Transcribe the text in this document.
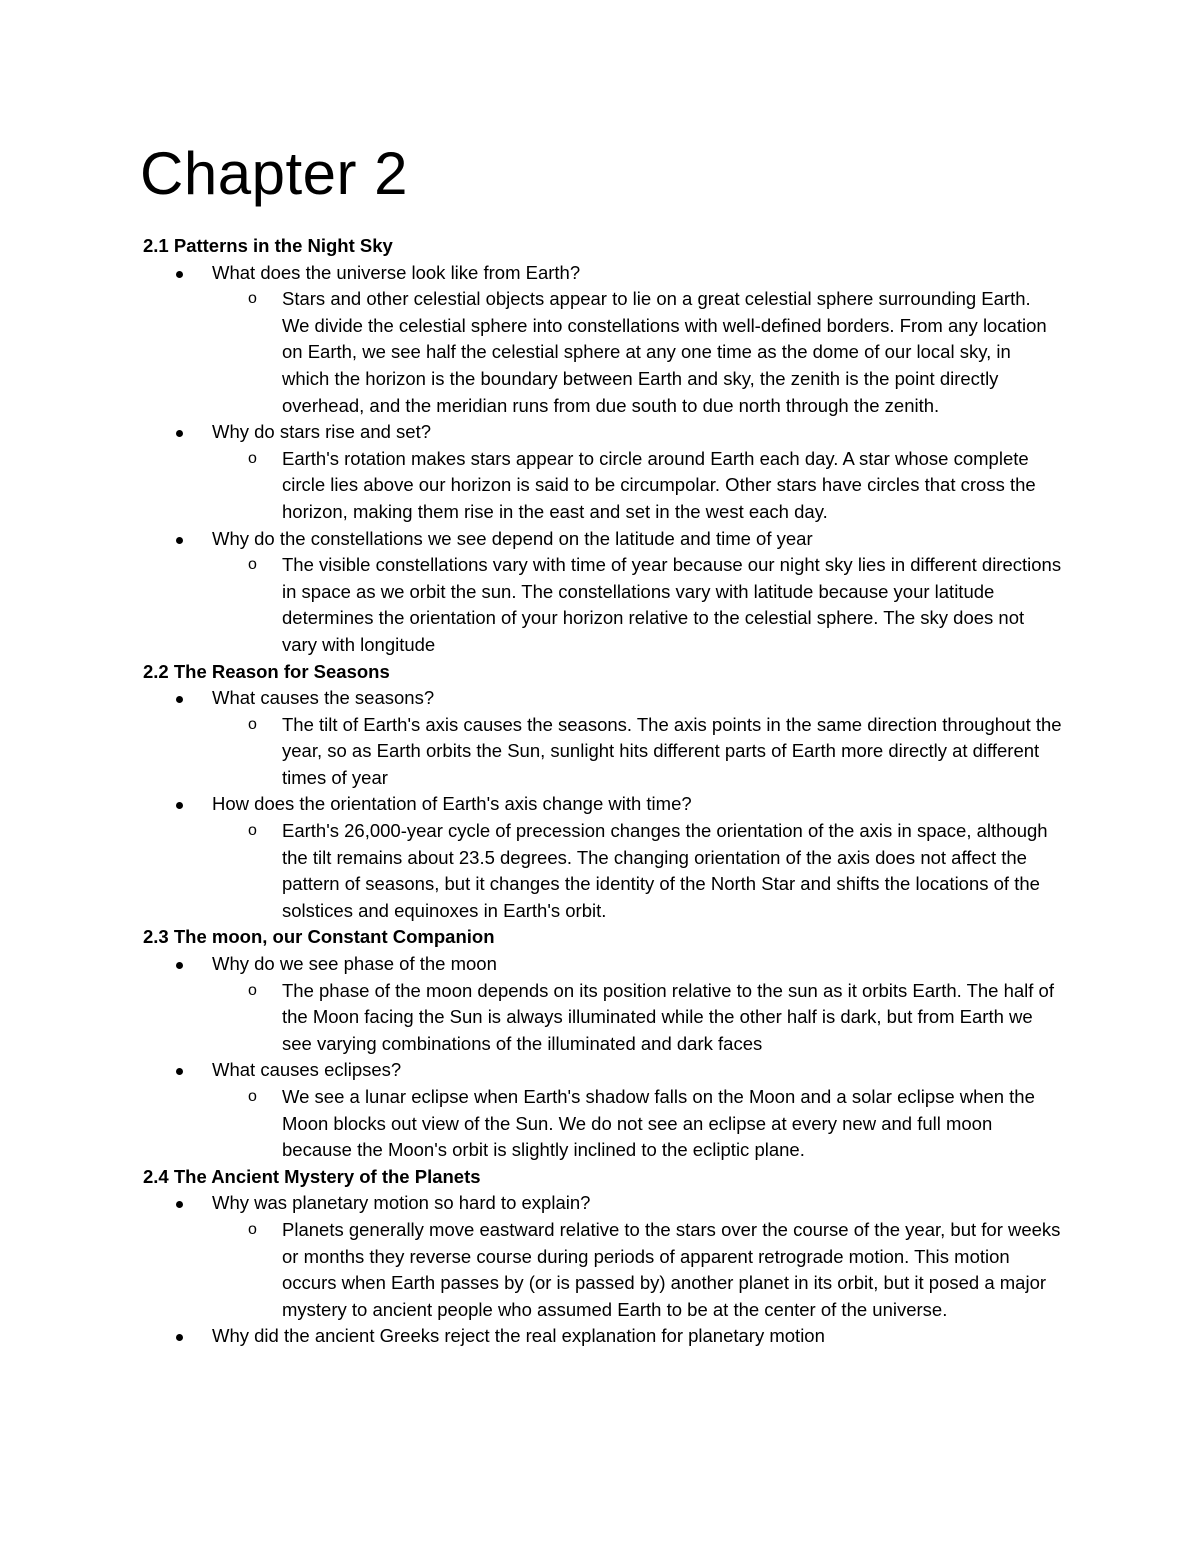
Chapter 2

2.1 Patterns in the Night Sky

What does the universe look like from Earth?

o Stars and other celestial objects appear to lie on a great celestial sphere surrounding Earth. We divide the celestial sphere into constellations with well-defined borders. From any location on Earth, we see half the celestial sphere at any one time as the dome of our local sky, in which the horizon is the boundary between Earth and sky, the zenith is the point directly overhead, and the meridian runs from due south to due north through the zenith.

Why do stars rise and set?

o Earth's rotation makes stars appear to circle around Earth each day. A star whose complete circle lies above our horizon is said to be circumpolar. Other stars have circles that cross the horizon, making them rise in the east and set in the west each day.

Why do the constellations we see depend on the latitude and time of year

o The visible constellations vary with time of year because our night sky lies in different directions in space as we orbit the sun. The constellations vary with latitude because your latitude determines the orientation of your horizon relative to the celestial sphere. The sky does not vary with longitude

2.2 The Reason for Seasons

What causes the seasons?

o The tilt of Earth's axis causes the seasons. The axis points in the same direction throughout the year, so as Earth orbits the Sun, sunlight hits different parts of Earth more directly at different times of year

How does the orientation of Earth's axis change with time?

o Earth's 26,000-year cycle of precession changes the orientation of the axis in space, although the tilt remains about 23.5 degrees. The changing orientation of the axis does not affect the pattern of seasons, but it changes the identity of the North Star and shifts the locations of the solstices and equinoxes in Earth's orbit.

2.3 The moon, our Constant Companion

Why do we see phase of the moon

o The phase of the moon depends on its position relative to the sun as it orbits Earth. The half of the Moon facing the Sun is always illuminated while the other half is dark, but from Earth we see varying combinations of the illuminated and dark faces

What causes eclipses?

o We see a lunar eclipse when Earth's shadow falls on the Moon and a solar eclipse when the Moon blocks out view of the Sun. We do not see an eclipse at every new and full moon because the Moon's orbit is slightly inclined to the ecliptic plane.

2.4 The Ancient Mystery of the Planets

Why was planetary motion so hard to explain?

o Planets generally move eastward relative to the stars over the course of the year, but for weeks or months they reverse course during periods of apparent retrograde motion. This motion occurs when Earth passes by (or is passed by) another planet in its orbit, but it posed a major mystery to ancient people who assumed Earth to be at the center of the universe.

Why did the ancient Greeks reject the real explanation for planetary motion
